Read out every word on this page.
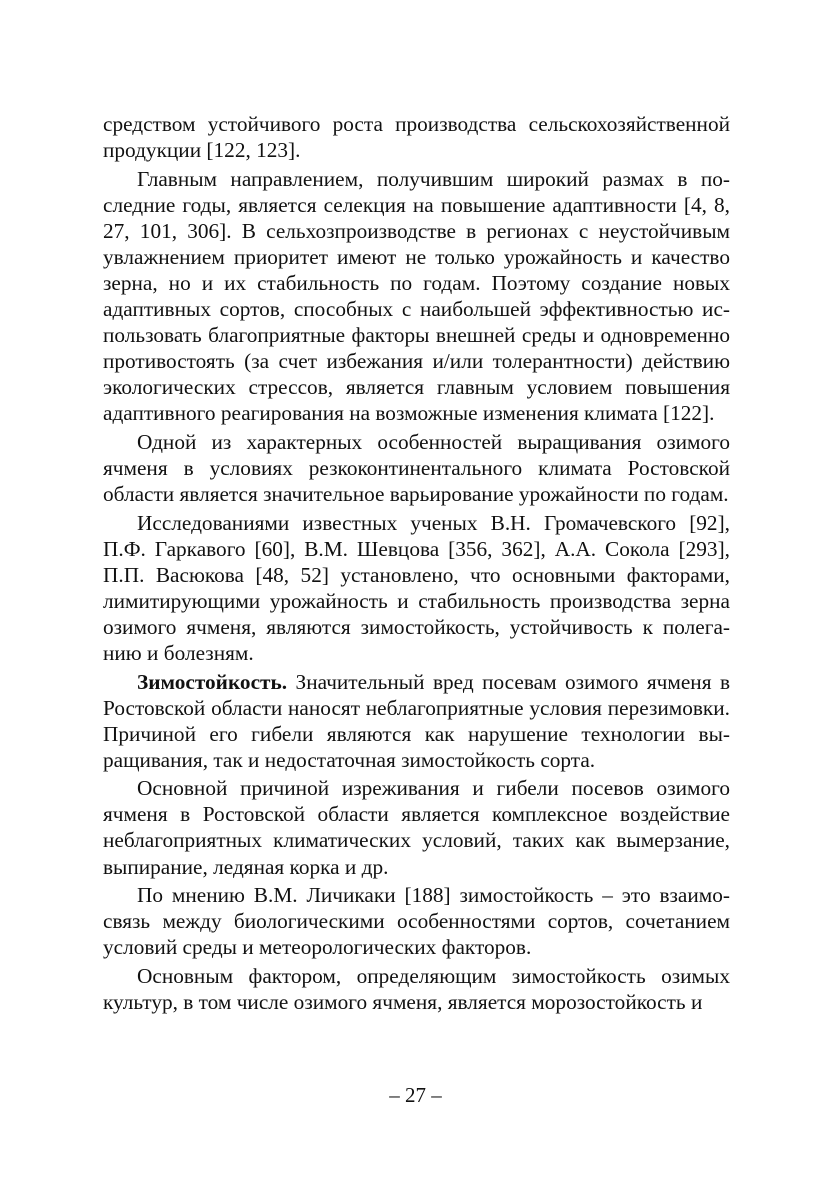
средством устойчивого роста производства сельскохозяйственной продукции [122, 123].

Главным направлением, получившим широкий размах в последние годы, является селекция на повышение адаптивности [4, 8, 27, 101, 306]. В сельхозпроизводстве в регионах с неустойчивым увлажнением приоритет имеют не только урожайность и качество зерна, но и их стабильность по годам. Поэтому создание новых адаптивных сортов, способных с наибольшей эффективностью использовать благоприятные факторы внешней среды и одновременно противостоять (за счет избежания и/или толерантности) действию экологических стрессов, является главным условием повышения адаптивного реагирования на возможные изменения климата [122].

Одной из характерных особенностей выращивания озимого ячменя в условиях резкоконтинентального климата Ростовской области является значительное варьирование урожайности по годам.

Исследованиями известных ученых В.Н. Громачевского [92], П.Ф. Гаркавого [60], В.М. Шевцова [356, 362], А.А. Сокола [293], П.П. Васюкова [48, 52] установлено, что основными факторами, лимитирующими урожайность и стабильность производства зерна озимого ячменя, являются зимостойкость, устойчивость к полеганию и болезням.

Зимостойкость. Значительный вред посевам озимого ячменя в Ростовской области наносят неблагоприятные условия перезимовки. Причиной его гибели являются как нарушение технологии выращивания, так и недостаточная зимостойкость сорта.

Основной причиной изреживания и гибели посевов озимого ячменя в Ростовской области является комплексное воздействие неблагоприятных климатических условий, таких как вымерзание, выпирание, ледяная корка и др.

По мнению В.М. Личикаки [188] зимостойкость – это взаимосвязь между биологическими особенностями сортов, сочетанием условий среды и метеорологических факторов.

Основным фактором, определяющим зимостойкость озимых культур, в том числе озимого ячменя, является морозостойкость и

– 27 –
